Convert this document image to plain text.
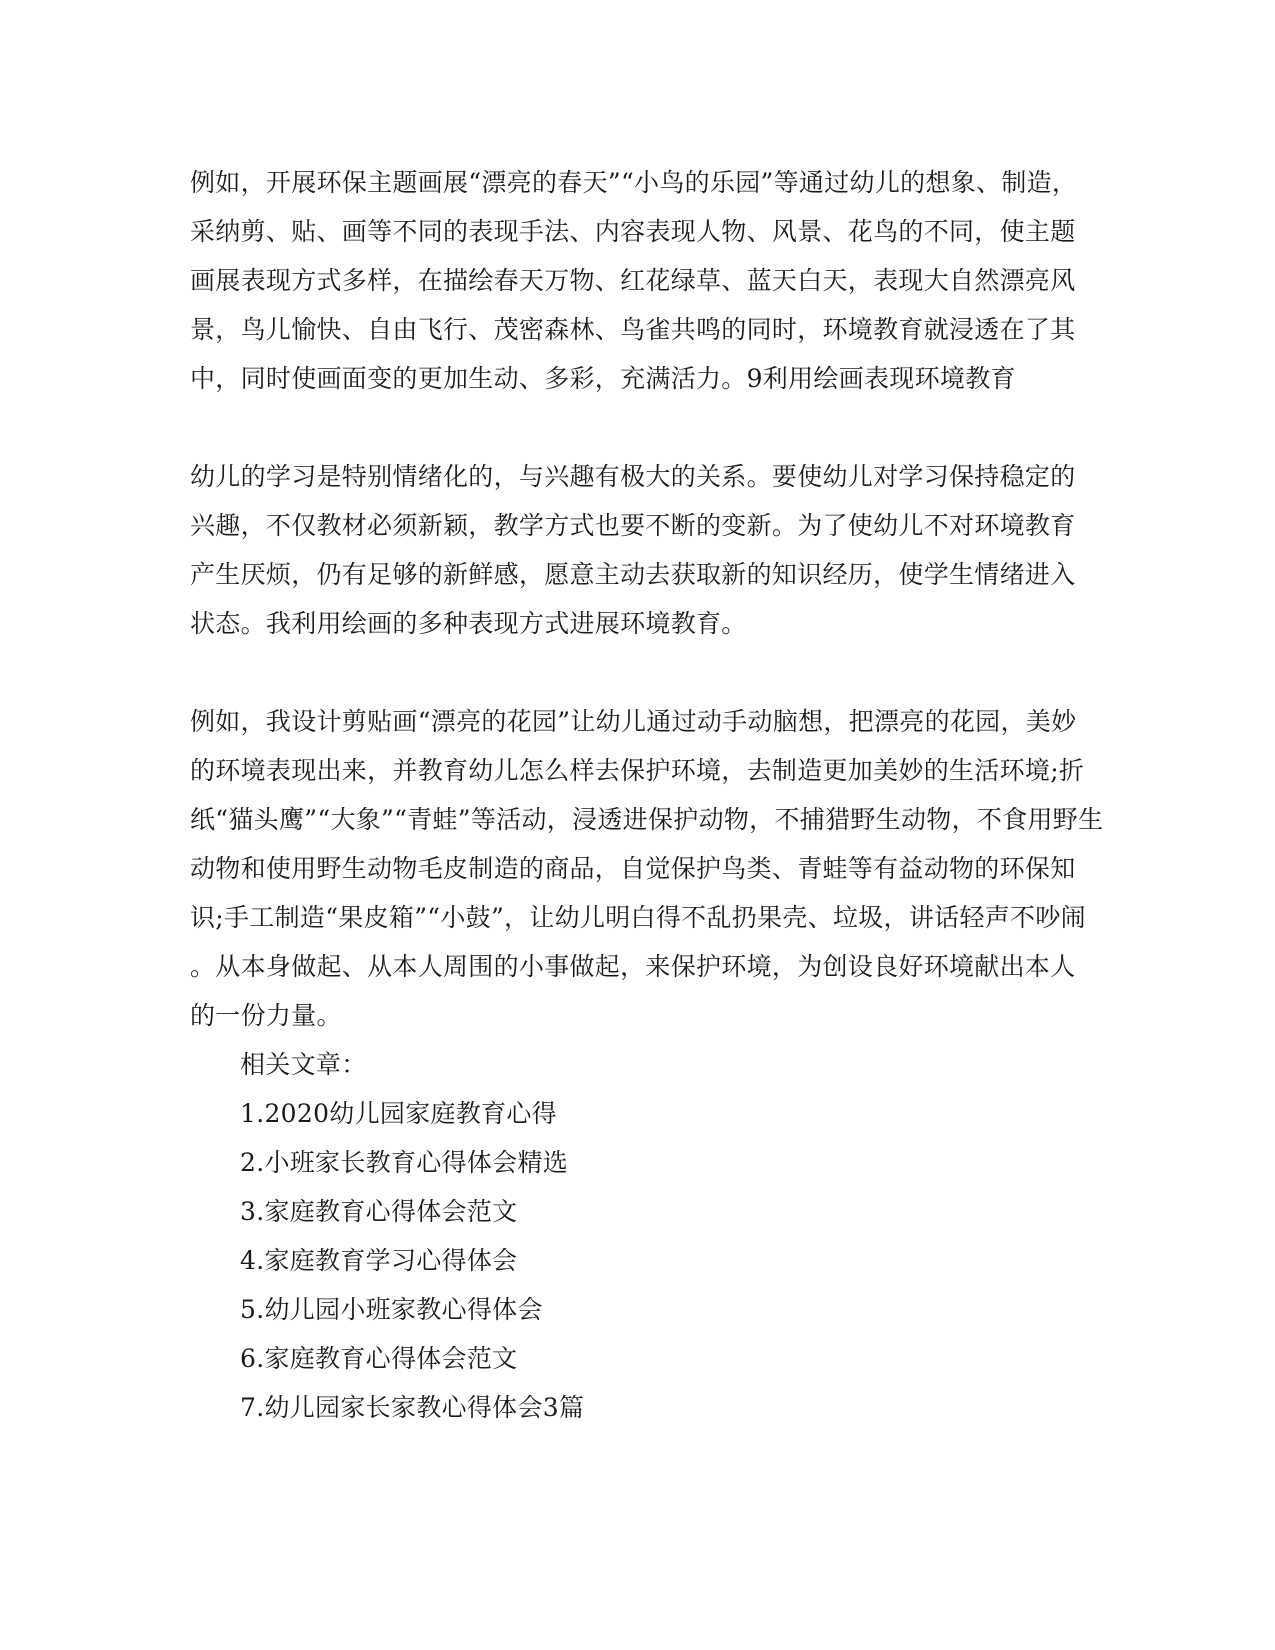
例如，开展环保主题画展“漂亮的春天”“小鸟的乐园”等通过幼儿的想象、制造，
采纳剪、贴、画等不同的表现手法、内容表现人物、风景、花鸟的不同，使主题
画展表现方式多样，在描绘春天万物、红花绿草、蓝天白天，表现大自然漂亮风
景，鸟儿愉快、自由飞行、茂密森林、鸟雀共鸣的同时，环境教育就浸透在了其
中，同时使画面变的更加生动、多彩，充满活力。9利用绘画表现环境教育
幼儿的学习是特别情绪化的，与兴趣有极大的关系。要使幼儿对学习保持稳定的
兴趣，不仅教材必须新颖，教学方式也要不断的变新。为了使幼儿不对环境教育
产生厌烦，仍有足够的新鲜感，愿意主动去获取新的知识经历，使学生情绪进入
状态。我利用绘画的多种表现方式进展环境教育。
例如，我设计剪贴画“漂亮的花园”让幼儿通过动手动脑想，把漂亮的花园，美妙
的环境表现出来，并教育幼儿怎么样去保护环境，去制造更加美妙的生活环境;折
纸“猫头鹰”“大象”“青蛙”等活动，浸透进保护动物，不捕猎野生动物，不食用野生
动物和使用野生动物毛皮制造的商品，自觉保护鸟类、青蛙等有益动物的环保知
识;手工制造“果皮箱”“小鼓”，让幼儿明白得不乱扔果壳、垃圾，讲话轻声不吵闹
。从本身做起、从本人周围的小事做起，来保护环境，为创设良好环境献出本人
的一份力量。
相关文章：
1.2020幼儿园家庭教育心得
2.小班家长教育心得体会精选
3.家庭教育心得体会范文
4.家庭教育学习心得体会
5.幼儿园小班家教心得体会
6.家庭教育心得体会范文
7.幼儿园家长家教心得体会3篇
